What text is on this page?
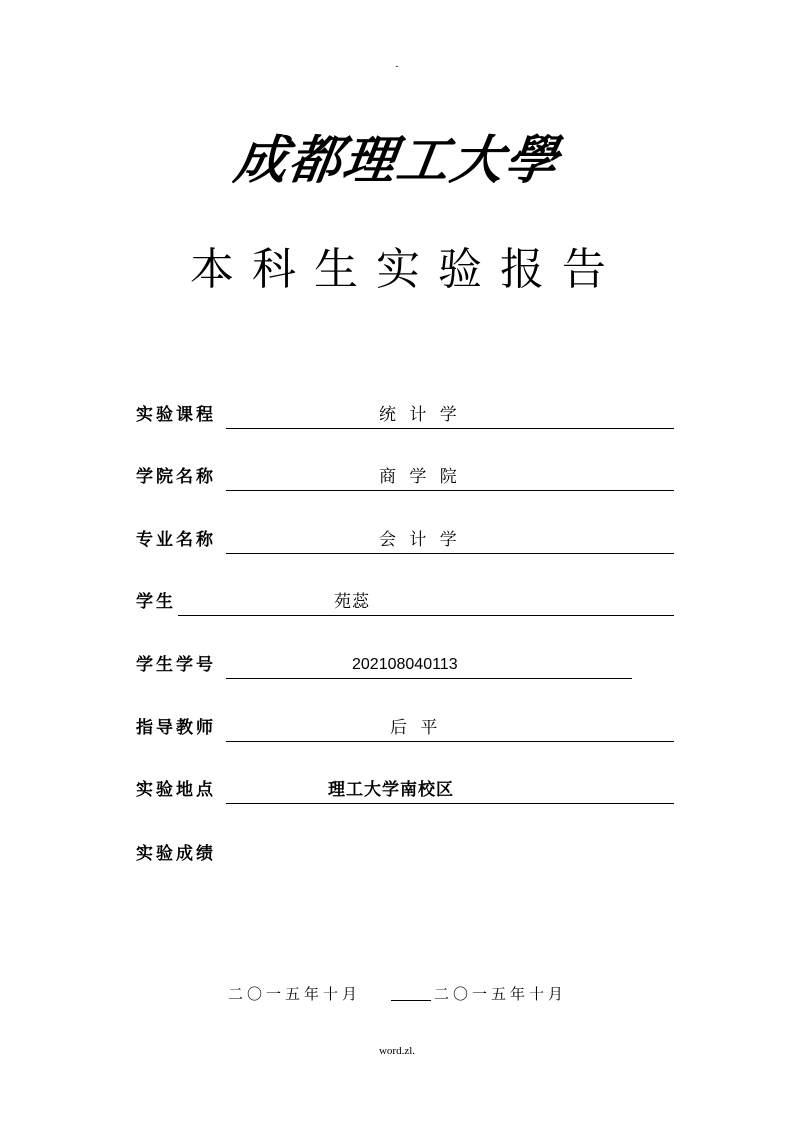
-
成都理工大學
本科生实验报告
实验课程	统 计 学
学院名称	商 学 院
专业名称	会 计 学
学生	苑蕊
学生学号	202108040113
指导教师	后 平
实验地点	理工大学南校区
实验成绩
二〇一五年十月	二〇一五年十月
word.zl.
